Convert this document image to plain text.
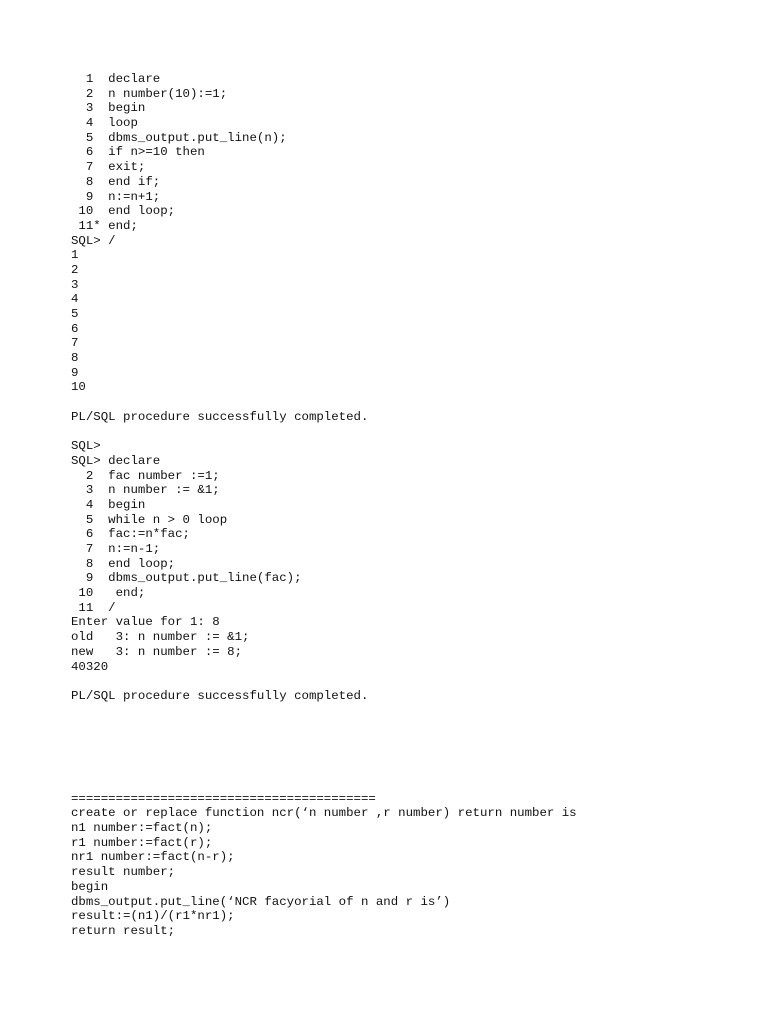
1  declare
2  n number(10):=1;
3  begin
4  loop
5  dbms_output.put_line(n);
6  if n>=10 then
7  exit;
8  end if;
9  n:=n+1;
10  end loop;
11* end;
SQL> /
1
2
3
4
5
6
7
8
9
10
PL/SQL procedure successfully completed.
SQL>
SQL> declare
2  fac number :=1;
3  n number := &1;
4  begin
5  while n > 0 loop
6  fac:=n*fac;
7  n:=n-1;
8  end loop;
9  dbms_output.put_line(fac);
10   end;
11  /
Enter value for 1: 8
old   3: n number := &1;
new   3: n number := 8;
40320
PL/SQL procedure successfully completed.
=========================================
create or replace function ncr(‘n number ,r number) return number is
n1 number:=fact(n);
r1 number:=fact(r);
nr1 number:=fact(n-r);
result number;
begin
dbms_output.put_line(‘NCR facyorial of n and r is’)
result:=(n1)/(r1*nr1);
return result;
